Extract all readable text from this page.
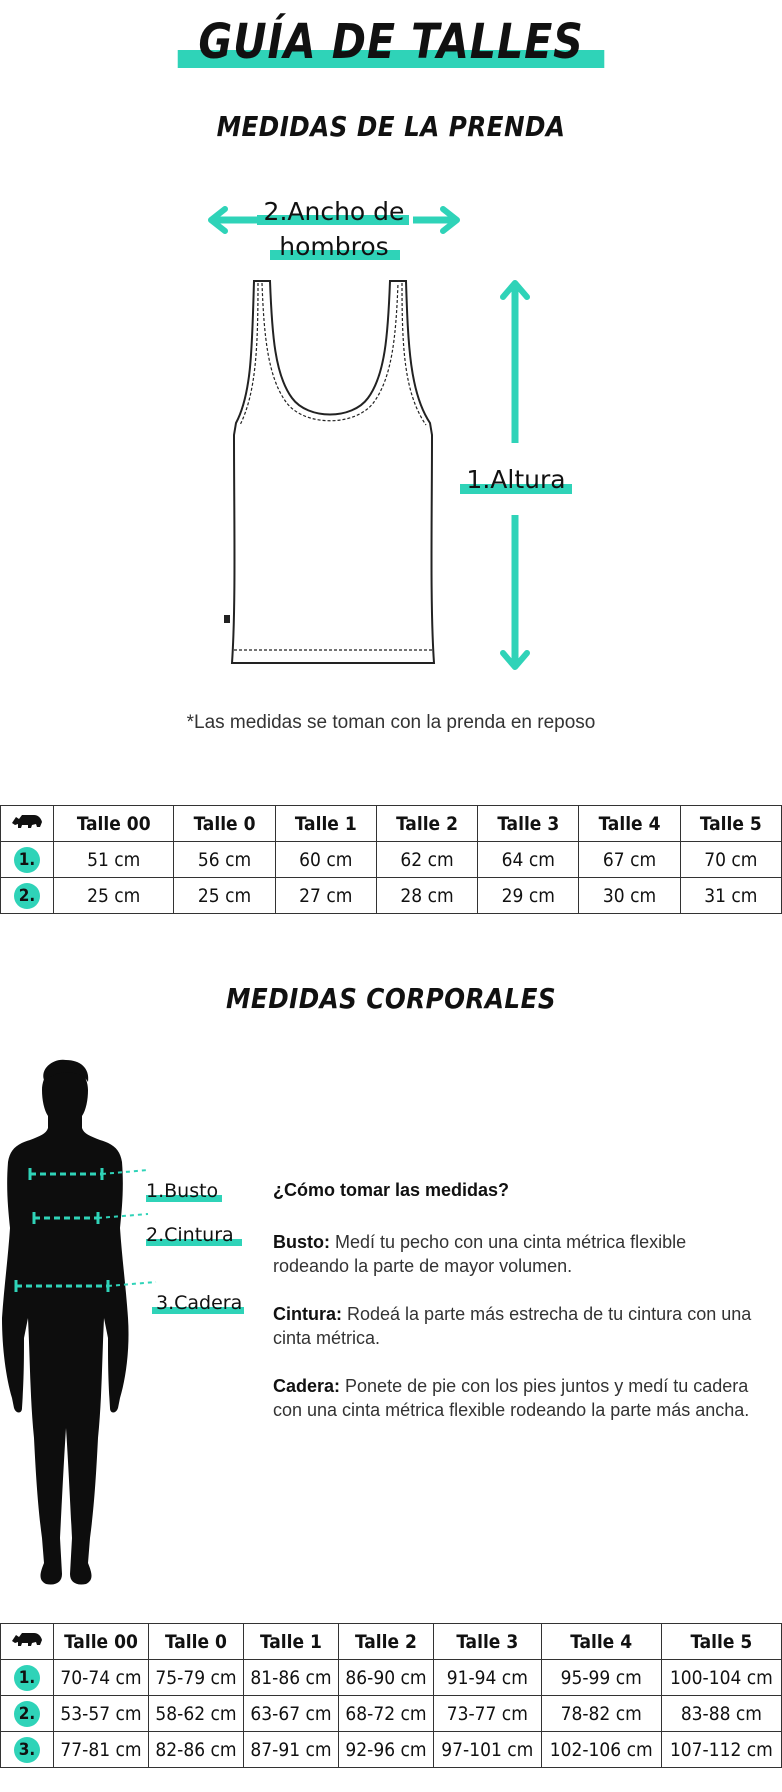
GUÍA DE TALLES
MEDIDAS DE LA PRENDA
2.Ancho de
hombros
1.Altura
*Las medidas se toman con la prenda en reposo
	Talle 00	Talle 0	Talle 1	Talle 2	Talle 3	Talle 4	Talle 5
1.	51 cm	56 cm	60 cm	62 cm	64 cm	67 cm	70 cm
2.	25 cm	25 cm	27 cm	28 cm	29 cm	30 cm	31 cm
MEDIDAS CORPORALES
1.Busto
2.Cintura
3.Cadera
¿Cómo tomar las medidas?

Busto: Medí tu pecho con una cinta métrica flexible rodeando la parte de mayor volumen.

Cintura: Rodeá la parte más estrecha de tu cintura con una cinta métrica.

Cadera: Ponete de pie con los pies juntos y medí tu cadera con una cinta métrica flexible rodeando la parte más ancha.

	Talle 00	Talle 0	Talle 1	Talle 2	Talle 3	Talle 4	Talle 5
1.	70-74 cm	75-79 cm	81-86 cm	86-90 cm	91-94 cm	95-99 cm	100-104 cm
2.	53-57 cm	58-62 cm	63-67 cm	68-72 cm	73-77 cm	78-82 cm	83-88 cm
3.	77-81 cm	82-86 cm	87-91 cm	92-96 cm	97-101 cm	102-106 cm	107-112 cm
